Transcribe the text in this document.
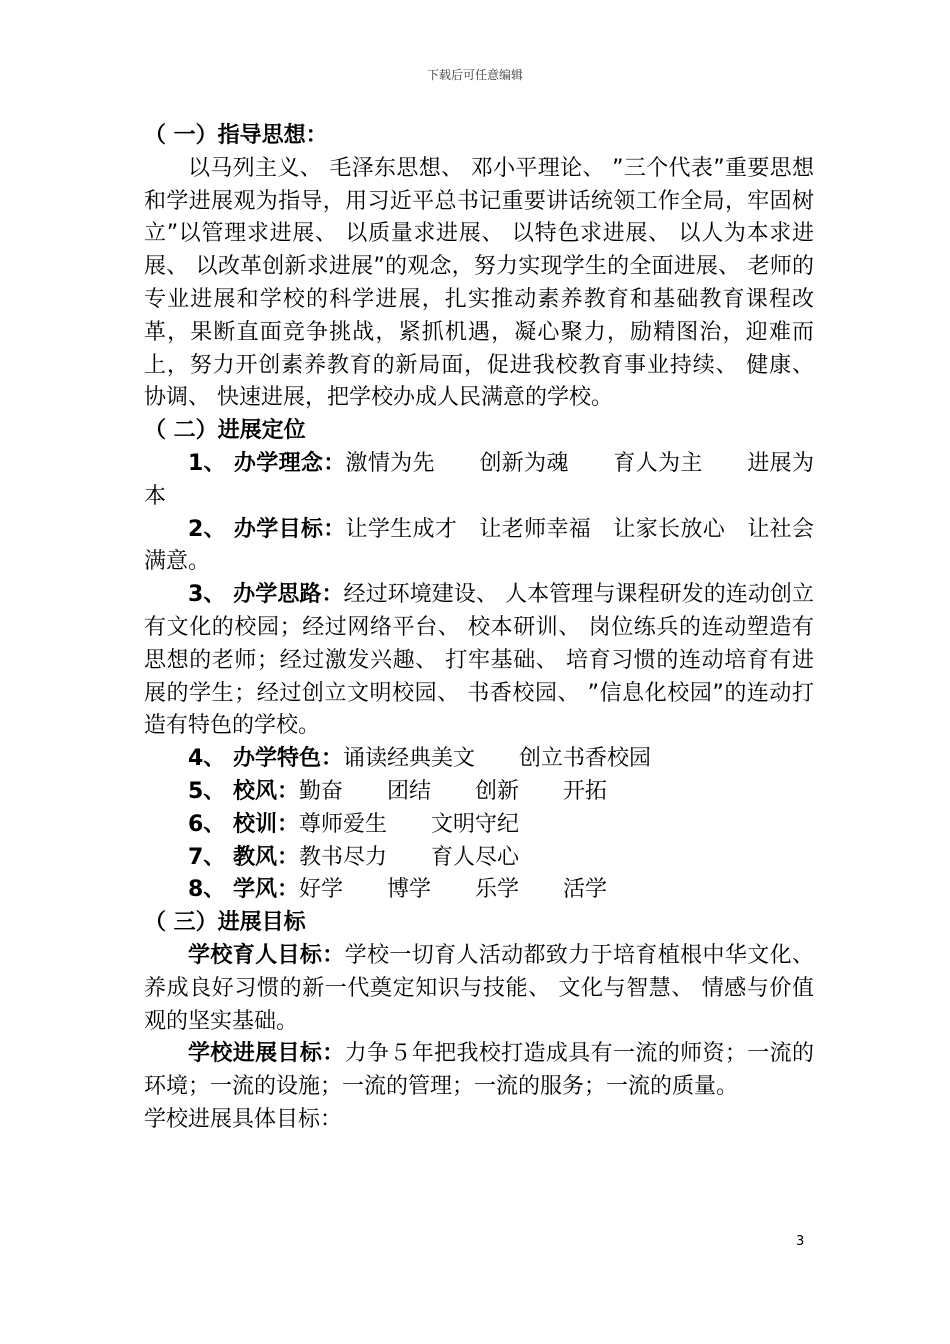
下载后可任意编辑

（ 一）指导思想：

以马列主义、 毛泽东思想、 邓小平理论、 ”三个代表”重要思想和学进展观为指导，用习近平总书记重要讲话统领工作全局，牢固树立”以管理求进展、 以质量求进展、 以特色求进展、 以人为本求进展、 以改革创新求进展”的观念，努力实现学生的全面进展、 老师的专业进展和学校的科学进展，扎实推动素养教育和基础教育课程改革，果断直面竞争挑战，紧抓机遇，凝心聚力，励精图治，迎难而上，努力开创素养教育的新局面，促进我校教育事业持续、 健康、 协调、 快速进展，把学校办成人民满意的学校。

（ 二）进展定位

1、 办学理念：激情为先　　创新为魂　　育人为主　　进展为本

2、 办学目标：让学生成才　让老师幸福　让家长放心　让社会满意。

3、 办学思路：经过环境建设、 人本管理与课程研发的连动创立有文化的校园；经过网络平台、 校本研训、 岗位练兵的连动塑造有思想的老师；经过激发兴趣、 打牢基础、 培育习惯的连动培育有进展的学生；经过创立文明校园、 书香校园、 ”信息化校园”的连动打造有特色的学校。

4、 办学特色：诵读经典美文　　创立书香校园

5、 校风：勤奋　　团结　　创新　　开拓

6、 校训：尊师爱生　　文明守纪

7、 教风：教书尽力　　育人尽心

8、 学风：好学　　博学　　乐学　　活学

（ 三）进展目标

学校育人目标：学校一切育人活动都致力于培育植根中华文化、 养成良好习惯的新一代奠定知识与技能、 文化与智慧、 情感与价值观的坚实基础。

学校进展目标：力争５年把我校打造成具有一流的师资；一流的环境；一流的设施；一流的管理；一流的服务；一流的质量。

学校进展具体目标：

3
